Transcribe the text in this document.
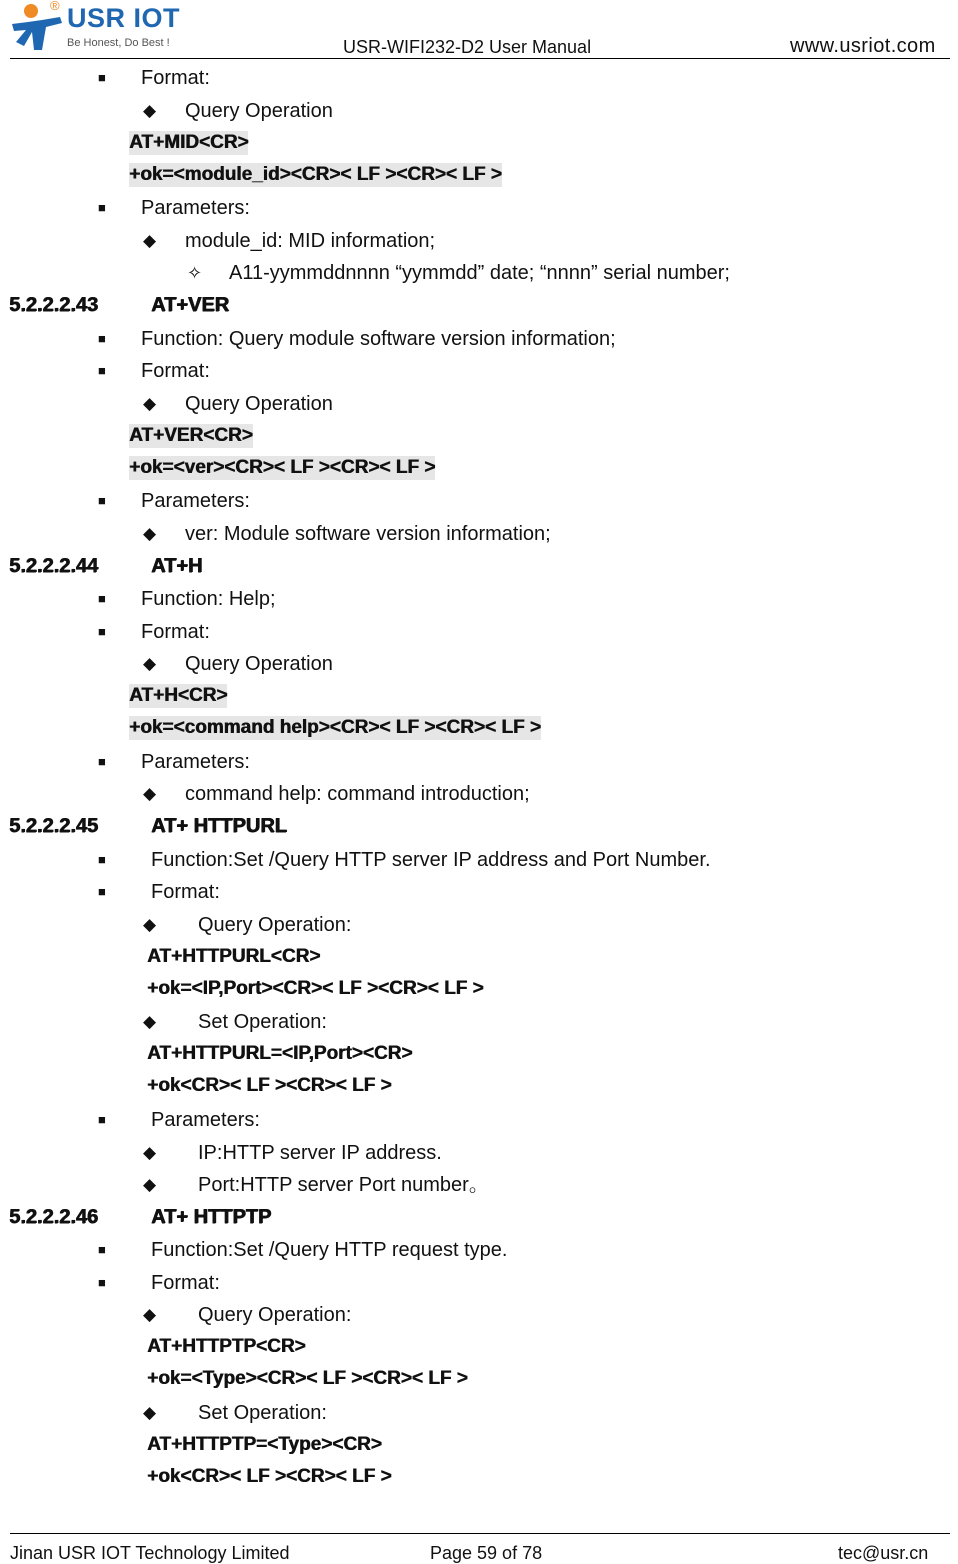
USR IOT
®
Be Honest, Do Best !	USR-WIFI232-D2 User Manual	www.usriot.com
■ Format:
◆ Query Operation
AT+MID<CR>
+ok=<module_id><CR>< LF ><CR>< LF >
■ Parameters:
◆ module_id: MID information;
✧ A11-yymmddnnnn “yymmdd” date; “nnnn” serial number;
5.2.2.2.43	AT+VER
■ Function: Query module software version information;
■ Format:
◆ Query Operation
AT+VER<CR>
+ok=<ver><CR>< LF ><CR>< LF >
■ Parameters:
◆ ver: Module software version information;
5.2.2.2.44	AT+H
■ Function: Help;
■ Format:
◆ Query Operation
AT+H<CR>
+ok=<command help><CR>< LF ><CR>< LF >
■ Parameters:
◆ command help: command introduction;
5.2.2.2.45	AT+ HTTPURL
■ Function:Set /Query HTTP server IP address and Port Number.
■ Format:
◆ Query Operation:
AT+HTTPURL<CR>
+ok=<IP,Port><CR>< LF ><CR>< LF >
◆ Set Operation:
AT+HTTPURL=<IP,Port><CR>
+ok<CR>< LF ><CR>< LF >
■ Parameters:
◆ IP:HTTP server IP address.
◆ Port:HTTP server Port number。
5.2.2.2.46	AT+ HTTPTP
■ Function:Set /Query HTTP request type.
■ Format:
◆ Query Operation:
AT+HTTPTP<CR>
+ok=<Type><CR>< LF ><CR>< LF >
◆ Set Operation:
AT+HTTPTP=<Type><CR>
+ok<CR>< LF ><CR>< LF >
Jinan USR IOT Technology Limited	Page 59 of 78	tec@usr.cn
